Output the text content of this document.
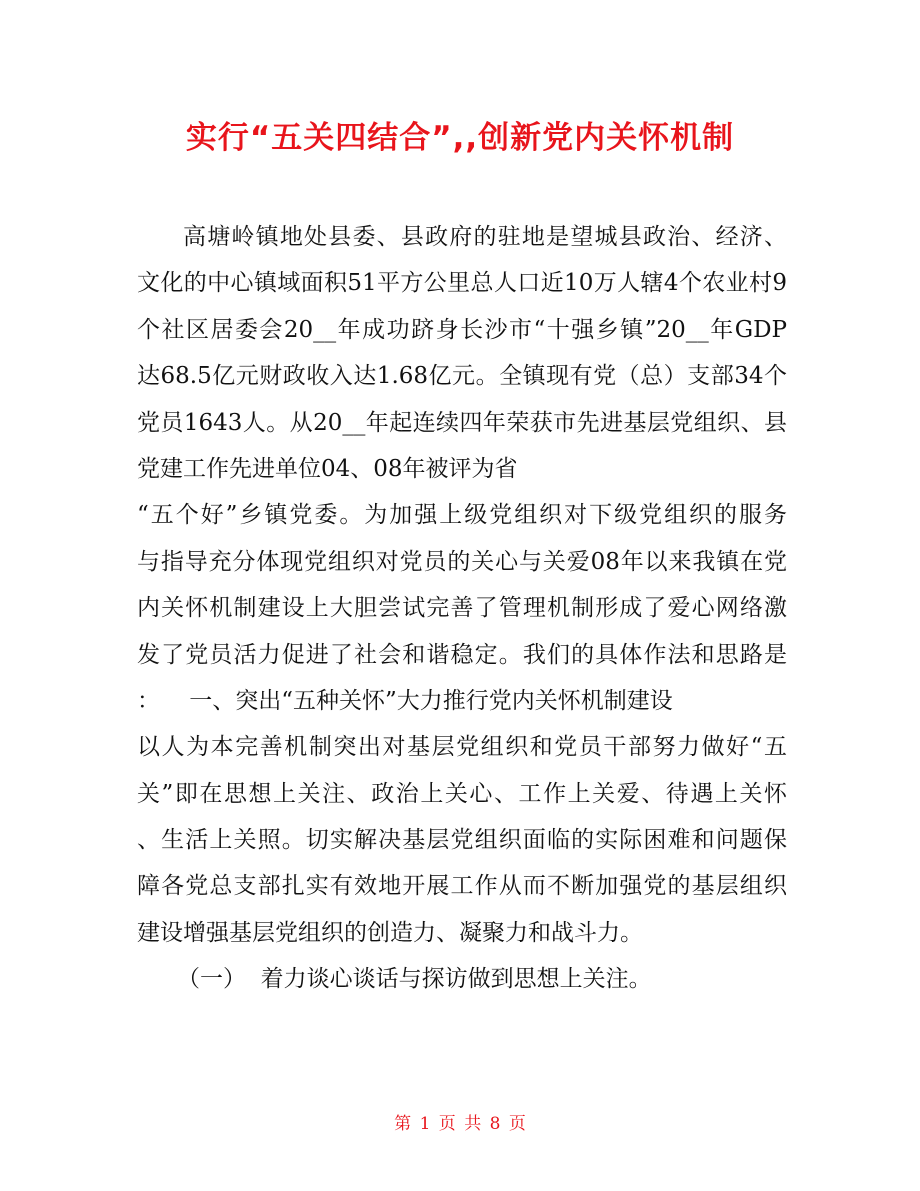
实行“五关四结合”,,创新党内关怀机制
高塘岭镇地处县委、县政府的驻地是望城县政治、经济、
文化的中心镇域面积51平方公里总人口近10万人辖4个农业村9
个社区居委会20__年成功跻身长沙市“十强乡镇”20__年GDP
达68.5亿元财政收入达1.68亿元。全镇现有党（总）支部34个
党员1643人。从20__年起连续四年荣获市先进基层党组织、县
党建工作先进单位04、08年被评为省
“五个好”乡镇党委。为加强上级党组织对下级党组织的服务
与指导充分体现党组织对党员的关心与关爱08年以来我镇在党
内关怀机制建设上大胆尝试完善了管理机制形成了爱心网络激
发了党员活力促进了社会和谐稳定。我们的具体作法和思路是
：    一、突出“五种关怀”大力推行党内关怀机制建设
以人为本完善机制突出对基层党组织和党员干部努力做好“五
关”即在思想上关注、政治上关心、工作上关爱、待遇上关怀
、生活上关照。切实解决基层党组织面临的实际困难和问题保
障各党总支部扎实有效地开展工作从而不断加强党的基层组织
建设增强基层党组织的创造力、凝聚力和战斗力。
（一）  着力谈心谈话与探访做到思想上关注。
第 1 页 共 8 页
